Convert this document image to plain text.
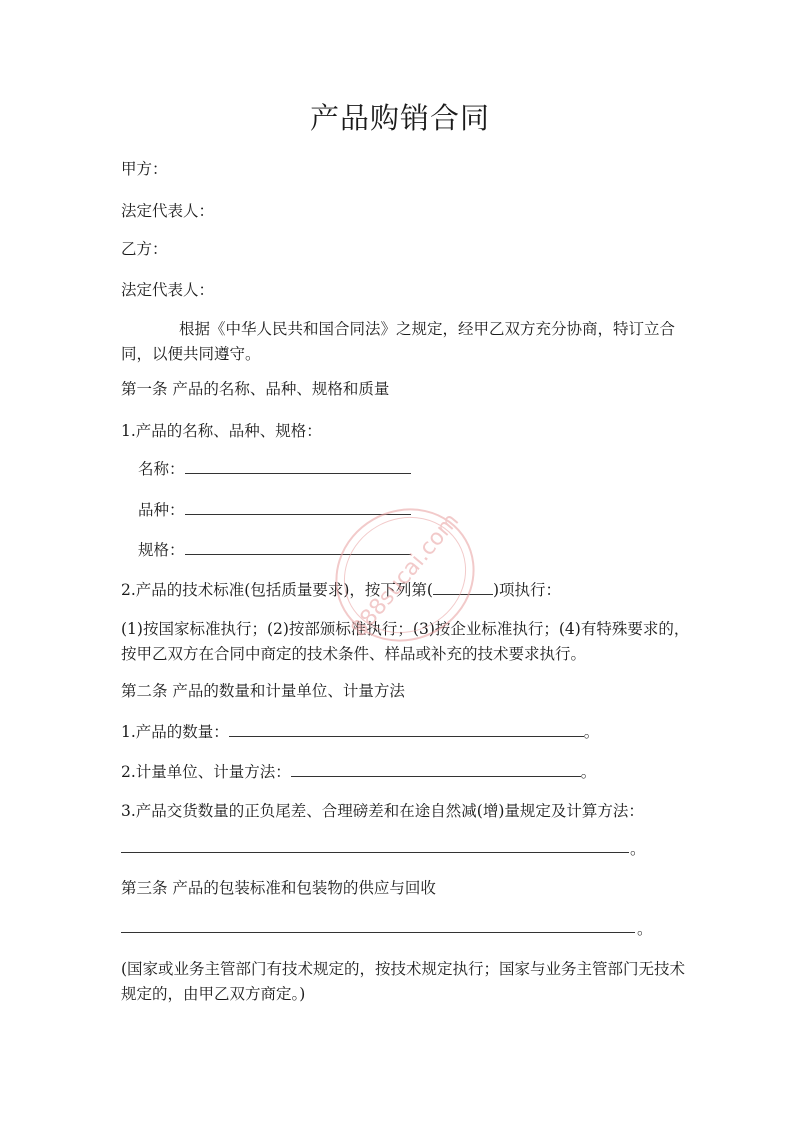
产品购销合同
甲方：
法定代表人：
乙方：
法定代表人：
根据《中华人民共和国合同法》之规定，经甲乙双方充分协商，特订立合同，以便共同遵守。
第一条 产品的名称、品种、规格和质量
1.产品的名称、品种、规格：
名称：
品种：
规格：
2.产品的技术标准(包括质量要求)，按下列第(	)项执行：
(1)按国家标准执行；(2)按部颁标准执行；(3)按企业标准执行；(4)有特殊要求的，按甲乙双方在合同中商定的技术条件、样品或补充的技术要求执行。
第二条 产品的数量和计量单位、计量方法
1.产品的数量：	。
2.计量单位、计量方法：	。
3.产品交货数量的正负尾差、合理磅差和在途自然减(增)量规定及计算方法：
。
第三条 产品的包装标准和包装物的供应与回收
。
(国家或业务主管部门有技术规定的，按技术规定执行；国家与业务主管部门无技术规定的，由甲乙双方商定。)
888sucai.com
